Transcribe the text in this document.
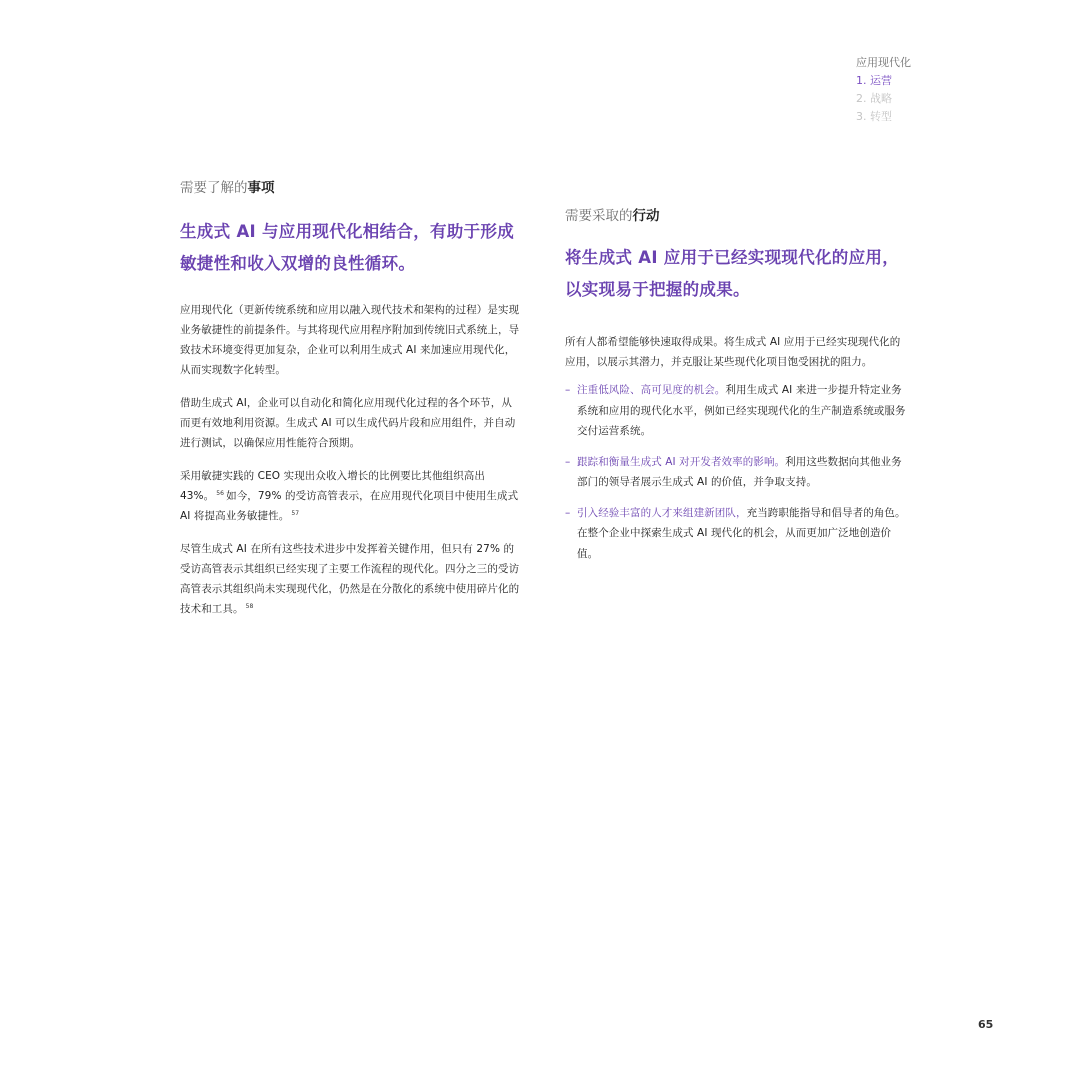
应用现代化
1. 运营
2. 战略
3. 转型

需要了解的事项

生成式 AI 与应用现代化相结合，有助于形成敏捷性和收入双增的良性循环。

应用现代化（更新传统系统和应用以融入现代技术和架构的过程）是实现业务敏捷性的前提条件。与其将现代应用程序附加到传统旧式系统上，导致技术环境变得更加复杂，企业可以利用生成式 AI 来加速应用现代化，从而实现数字化转型。

借助生成式 AI，企业可以自动化和简化应用现代化过程的各个环节，从而更有效地利用资源。生成式 AI 可以生成代码片段和应用组件，并自动进行测试，以确保应用性能符合预期。

采用敏捷实践的 CEO 实现出众收入增长的比例要比其他组织高出 43%。 $^{56}$ 如今，79% 的受访高管表示，在应用现代化项目中使用生成式 AI 将提高业务敏捷性。 $^{57}$

尽管生成式 AI 在所有这些技术进步中发挥着关键作用，但只有 27% 的受访高管表示其组织已经实现了主要工作流程的现代化。四分之三的受访高管表示其组织尚未实现现代化，仍然是在分散化的系统中使用碎片化的技术和工具。 $^{58}$

需要采取的行动

将生成式 AI 应用于已经实现现代化的应用，以实现易于把握的成果。

所有人都希望能够快速取得成果。将生成式 AI 应用于已经实现现代化的应用，以展示其潜力，并克服让某些现代化项目饱受困扰的阻力。

– 注重低风险、高可见度的机会。利用生成式 AI 来进一步提升特定业务系统和应用的现代化水平，例如已经实现现代化的生产制造系统或服务交付运营系统。
– 跟踪和衡量生成式 AI 对开发者效率的影响。利用这些数据向其他业务部门的领导者展示生成式 AI 的价值，并争取支持。
– 引入经验丰富的人才来组建新团队，充当跨职能指导和倡导者的角色。在整个企业中探索生成式 AI 现代化的机会，从而更加广泛地创造价值。
65
